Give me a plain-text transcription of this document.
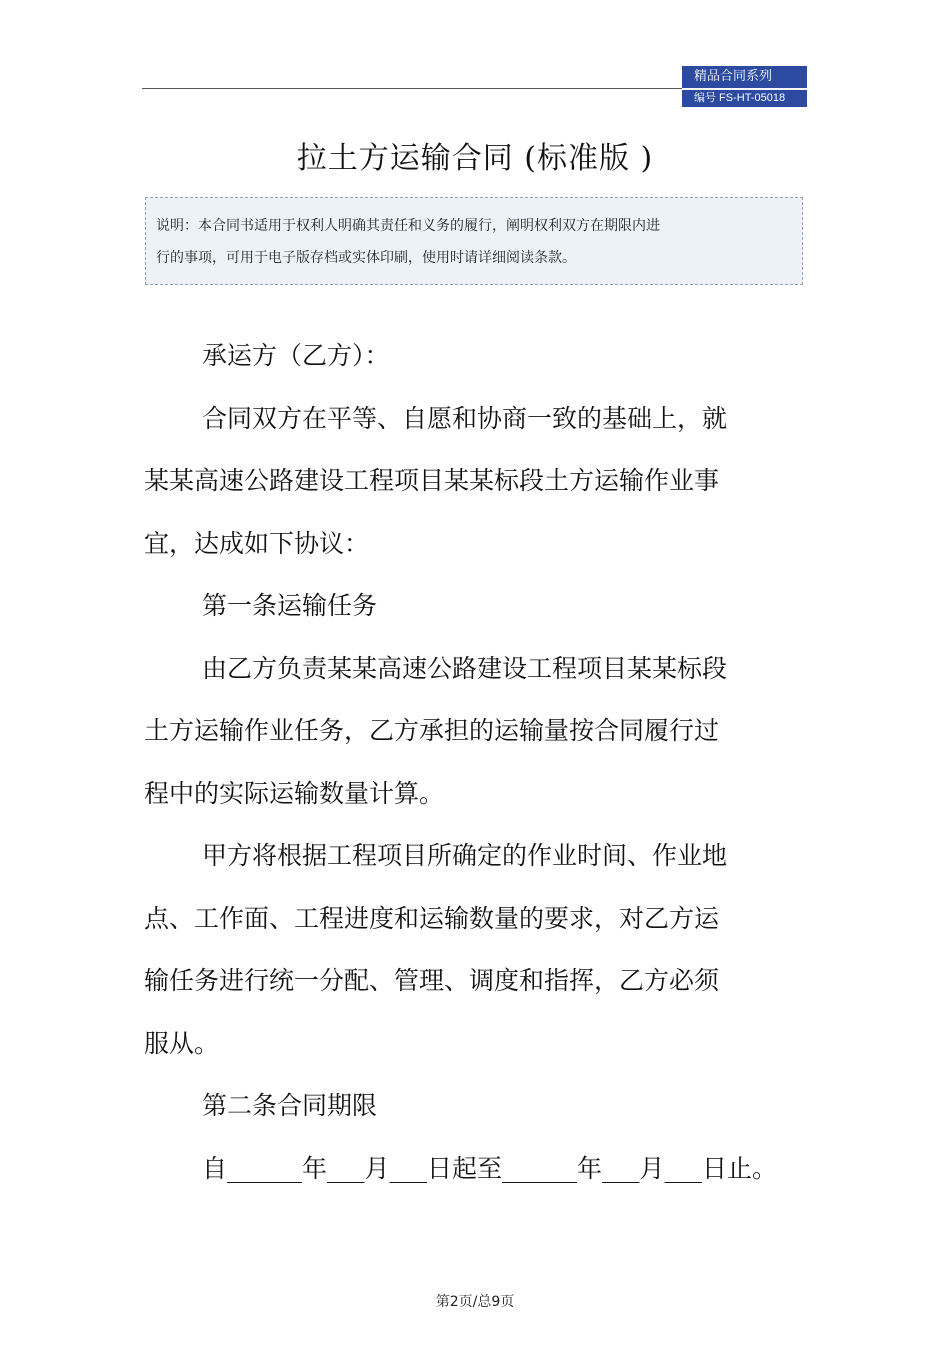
精品合同系列
编号 FS-HT-05018
拉土方运输合同 (标准版 )
说明：本合同书适用于权利人明确其责任和义务的履行，阐明权利双方在期限内进
行的事项，可用于电子版存档或实体印刷，使用时请详细阅读条款。

承运方（乙方）：

合同双方在平等、自愿和协商一致的基础上，就

某某高速公路建设工程项目某某标段土方运输作业事

宜，达成如下协议：

第一条运输任务

由乙方负责某某高速公路建设工程项目某某标段

土方运输作业任务，乙方承担的运输量按合同履行过

程中的实际运输数量计算。

甲方将根据工程项目所确定的作业时间、作业地

点、工作面、工程进度和运输数量的要求，对乙方运

输任务进行统一分配、管理、调度和指挥，乙方必须

服从。

第二条合同期限

自______年___月___日起至______年___月___日止。

第2页/总9页
